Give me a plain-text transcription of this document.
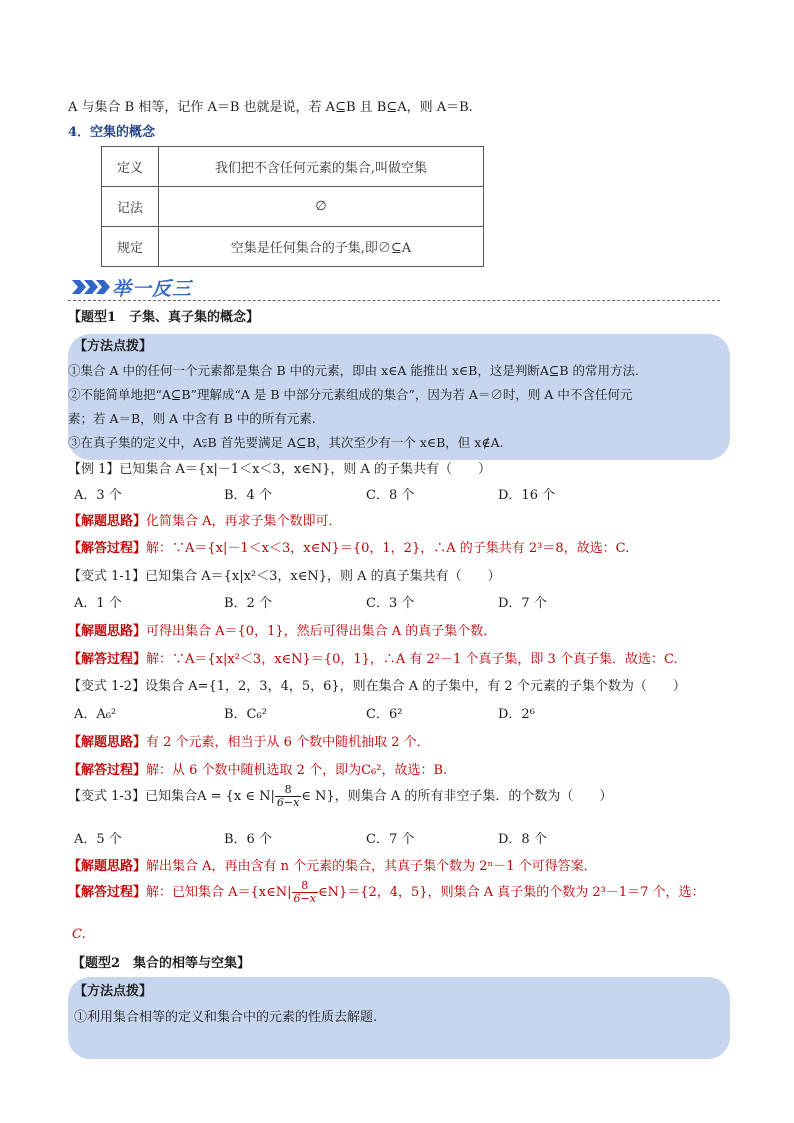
A 与集合 B 相等，记作 A＝B 也就是说，若 A⊆B 且 B⊆A，则 A＝B.
4．空集的概念
定义	我们把不含任何元素的集合,叫做空集
记法	∅
规定	空集是任何集合的子集,即∅⊆A
举一反三
【题型1　子集、真子集的概念】
【方法点拨】
①集合 A 中的任何一个元素都是集合 B 中的元素，即由 x∈A 能推出 x∈B，这是判断A⊆B 的常用方法.
②不能简单地把“A⊆B”理解成“A 是 B 中部分元素组成的集合”，因为若 A＝∅时，则 A 中不含任何元
素；若 A＝B，则 A 中含有 B 中的所有元素.
③在真子集的定义中，A⫋B 首先要满足 A⊆B，其次至少有一个 x∈B，但 x∉A.
【例 1】已知集合 A＝{x|－1＜x＜3，x∈N}，则 A 的子集共有（　　）
A．3 个	B．4 个	C．8 个	D．16 个
【解题思路】化简集合 A，再求子集个数即可．
【解答过程】解：∵A＝{x|－1＜x＜3，x∈N}＝{0，1，2}，∴A 的子集共有 2³＝8，故选：C.
【变式 1-1】已知集合 A＝{x|x²＜3，x∈N}，则 A 的真子集共有（　　）
A．1 个	B．2 个	C．3 个	D．7 个
【解题思路】可得出集合 A＝{0，1}，然后可得出集合 A 的真子集个数．
【解答过程】解：∵A＝{x|x²＜3，x∈N}＝{0，1}，∴A 有 2²－1 个真子集，即 3 个真子集．故选：C.
【变式 1-2】设集合 A={1，2，3，4，5，6}，则在集合 A 的子集中，有 2 个元素的子集个数为（　　）
A．A₆²	B．C₆²	C．6²	D．2⁶
【解题思路】有 2 个元素，相当于从 6 个数中随机抽取 2 个．
【解答过程】解：从 6 个数中随机选取 2 个，即为C₆²，故选：B.
【变式 1-3】已知集合A = {x ∈ $N| \frac{8}{6-x}$ ∈ N}，则集合 A 的所有非空子集．的个数为（　　）
A．5 个	B．6 个	C．7 个	D．8 个
【解题思路】解出集合 A，再由含有 n 个元素的集合，其真子集个数为 2ⁿ－1 个可得答案．
【解答过程】解：已知集合 A＝{x∈N| $\frac{8}{6-x}$ ∈N}＝{2，4，5}，则集合 A 真子集的个数为 2³－1＝7 个，选：
C.
【题型2　集合的相等与空集】
【方法点拨】
①利用集合相等的定义和集合中的元素的性质去解题.
